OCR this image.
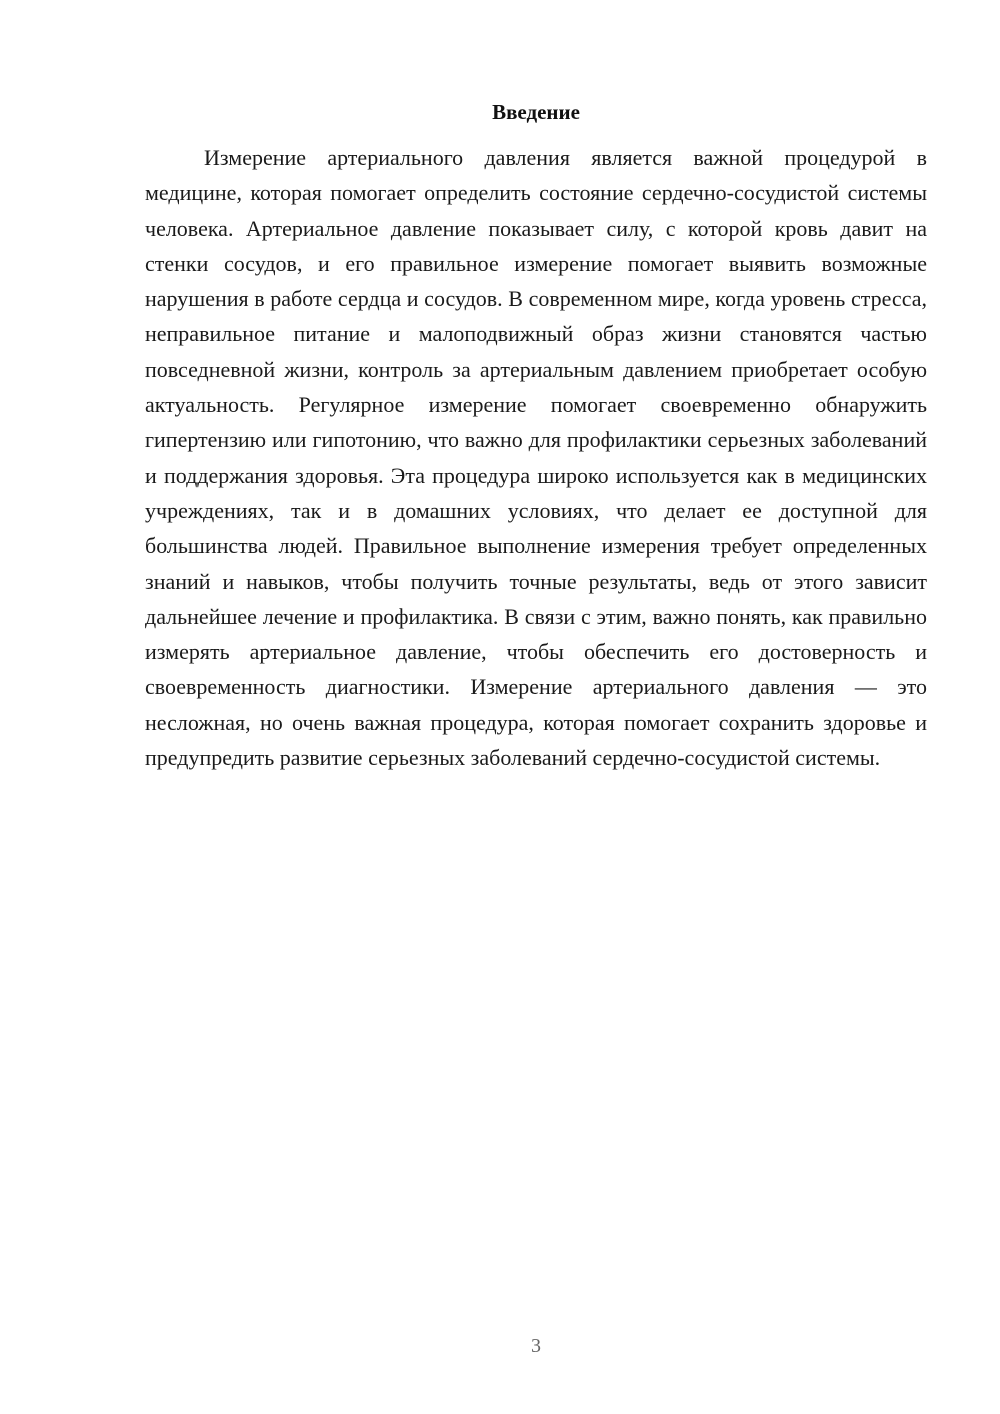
Введение

Измерение артериального давления является важной процедурой в медицине, которая помогает определить состояние сердечно-сосудистой системы человека. Артериальное давление показывает силу, с которой кровь давит на стенки сосудов, и его правильное измерение помогает выявить возможные нарушения в работе сердца и сосудов. В современном мире, когда уровень стресса, неправильное питание и малоподвижный образ жизни становятся частью повседневной жизни, контроль за артериальным давлением приобретает особую актуальность. Регулярное измерение помогает своевременно обнаружить гипертензию или гипотонию, что важно для профилактики серьезных заболеваний и поддержания здоровья. Эта процедура широко используется как в медицинских учреждениях, так и в домашних условиях, что делает ее доступной для большинства людей. Правильное выполнение измерения требует определенных знаний и навыков, чтобы получить точные результаты, ведь от этого зависит дальнейшее лечение и профилактика. В связи с этим, важно понять, как правильно измерять артериальное давление, чтобы обеспечить его достоверность и своевременность диагностики. Измерение артериального давления — это несложная, но очень важная процедура, которая помогает сохранить здоровье и предупредить развитие серьезных заболеваний сердечно-сосудистой системы.

3
